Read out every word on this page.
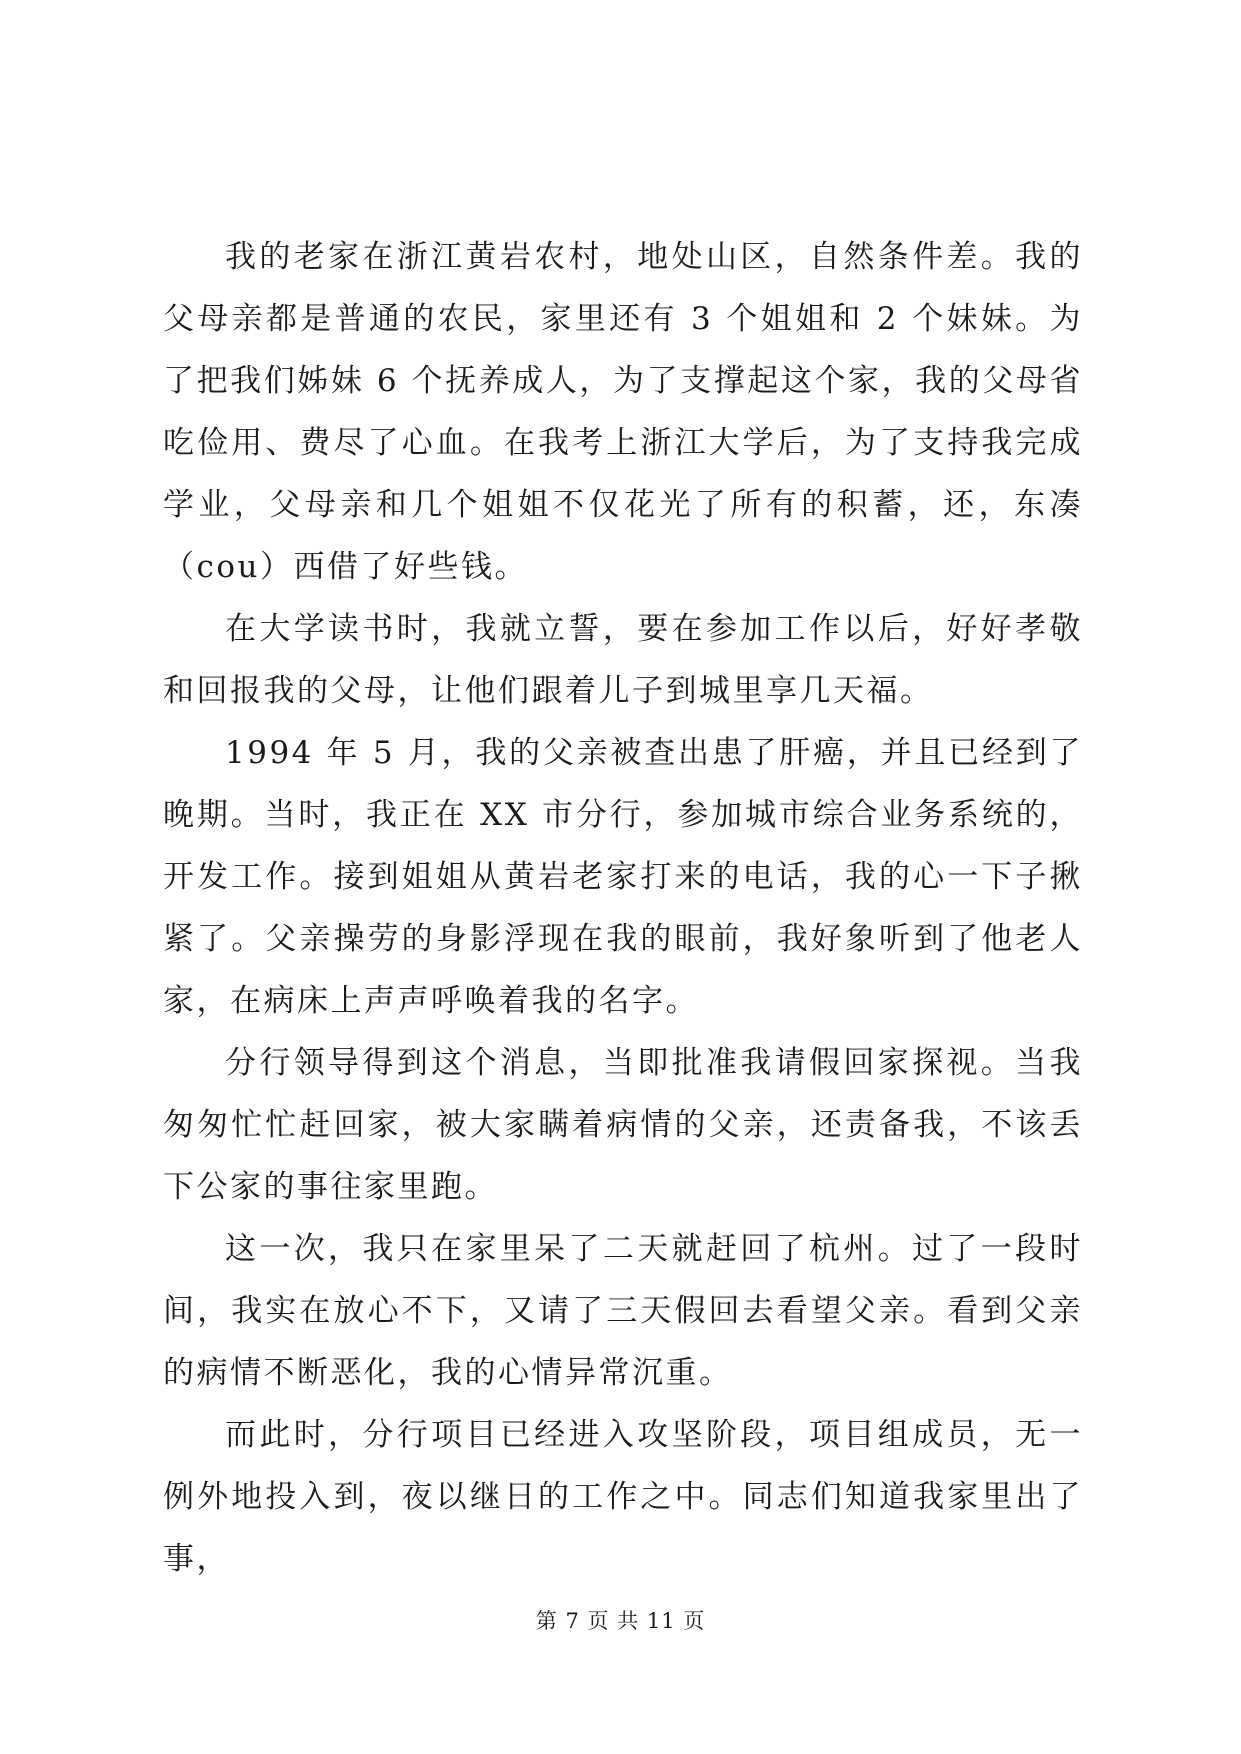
我的老家在浙江黄岩农村，地处山区，自然条件差。我的父母亲都是普通的农民，家里还有 3 个姐姐和 2 个妹妹。为了把我们姊妹 6 个抚养成人，为了支撑起这个家，我的父母省吃俭用、费尽了心血。在我考上浙江大学后，为了支持我完成学业，父母亲和几个姐姐不仅花光了所有的积蓄，还，东凑（cou）西借了好些钱。

在大学读书时，我就立誓，要在参加工作以后，好好孝敬和回报我的父母，让他们跟着儿子到城里享几天福。

1994 年 5 月，我的父亲被查出患了肝癌，并且已经到了晚期。当时，我正在 XX 市分行，参加城市综合业务系统的，开发工作。接到姐姐从黄岩老家打来的电话，我的心一下子揪紧了。父亲操劳的身影浮现在我的眼前，我好象听到了他老人家，在病床上声声呼唤着我的名字。

分行领导得到这个消息，当即批准我请假回家探视。当我匆匆忙忙赶回家，被大家瞒着病情的父亲，还责备我，不该丢下公家的事往家里跑。

这一次，我只在家里呆了二天就赶回了杭州。过了一段时间，我实在放心不下，又请了三天假回去看望父亲。看到父亲的病情不断恶化，我的心情异常沉重。

而此时，分行项目已经进入攻坚阶段，项目组成员，无一例外地投入到，夜以继日的工作之中。同志们知道我家里出了事，

第 7 页 共 11 页
